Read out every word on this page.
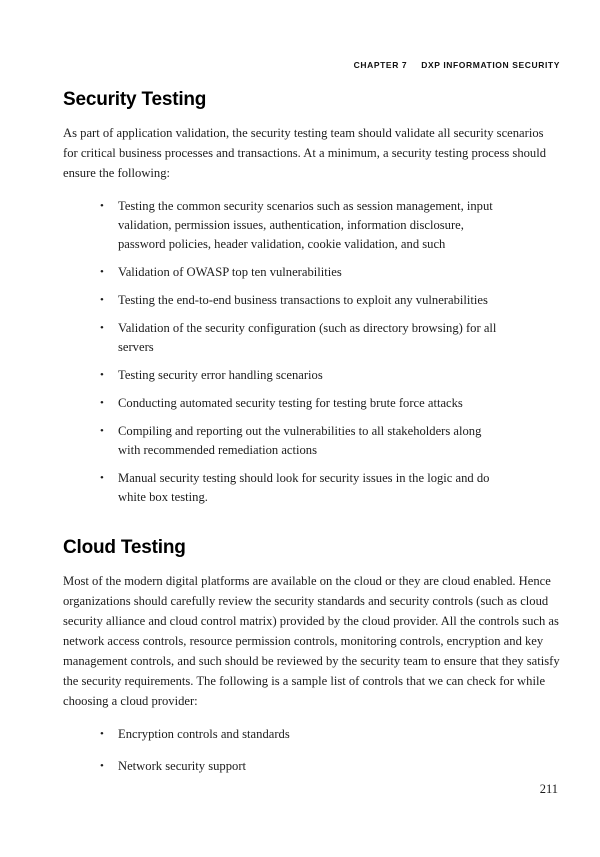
CHAPTER 7 DXP INFORMATION SECURITY
Security Testing

As part of application validation, the security testing team should validate all security scenarios for critical business processes and transactions. At a minimum, a security testing process should ensure the following:

• Testing the common security scenarios such as session management, input validation, permission issues, authentication, information disclosure, password policies, header validation, cookie validation, and such
• Validation of OWASP top ten vulnerabilities
• Testing the end-to-end business transactions to exploit any vulnerabilities
• Validation of the security configuration (such as directory browsing) for all servers
• Testing security error handling scenarios
• Conducting automated security testing for testing brute force attacks
• Compiling and reporting out the vulnerabilities to all stakeholders along with recommended remediation actions
• Manual security testing should look for security issues in the logic and do white box testing.
Cloud Testing

Most of the modern digital platforms are available on the cloud or they are cloud enabled. Hence organizations should carefully review the security standards and security controls (such as cloud security alliance and cloud control matrix) provided by the cloud provider. All the controls such as network access controls, resource permission controls, monitoring controls, encryption and key management controls, and such should be reviewed by the security team to ensure that they satisfy the security requirements. The following is a sample list of controls that we can check for while choosing a cloud provider:

• Encryption controls and standards
• Network security support
211
